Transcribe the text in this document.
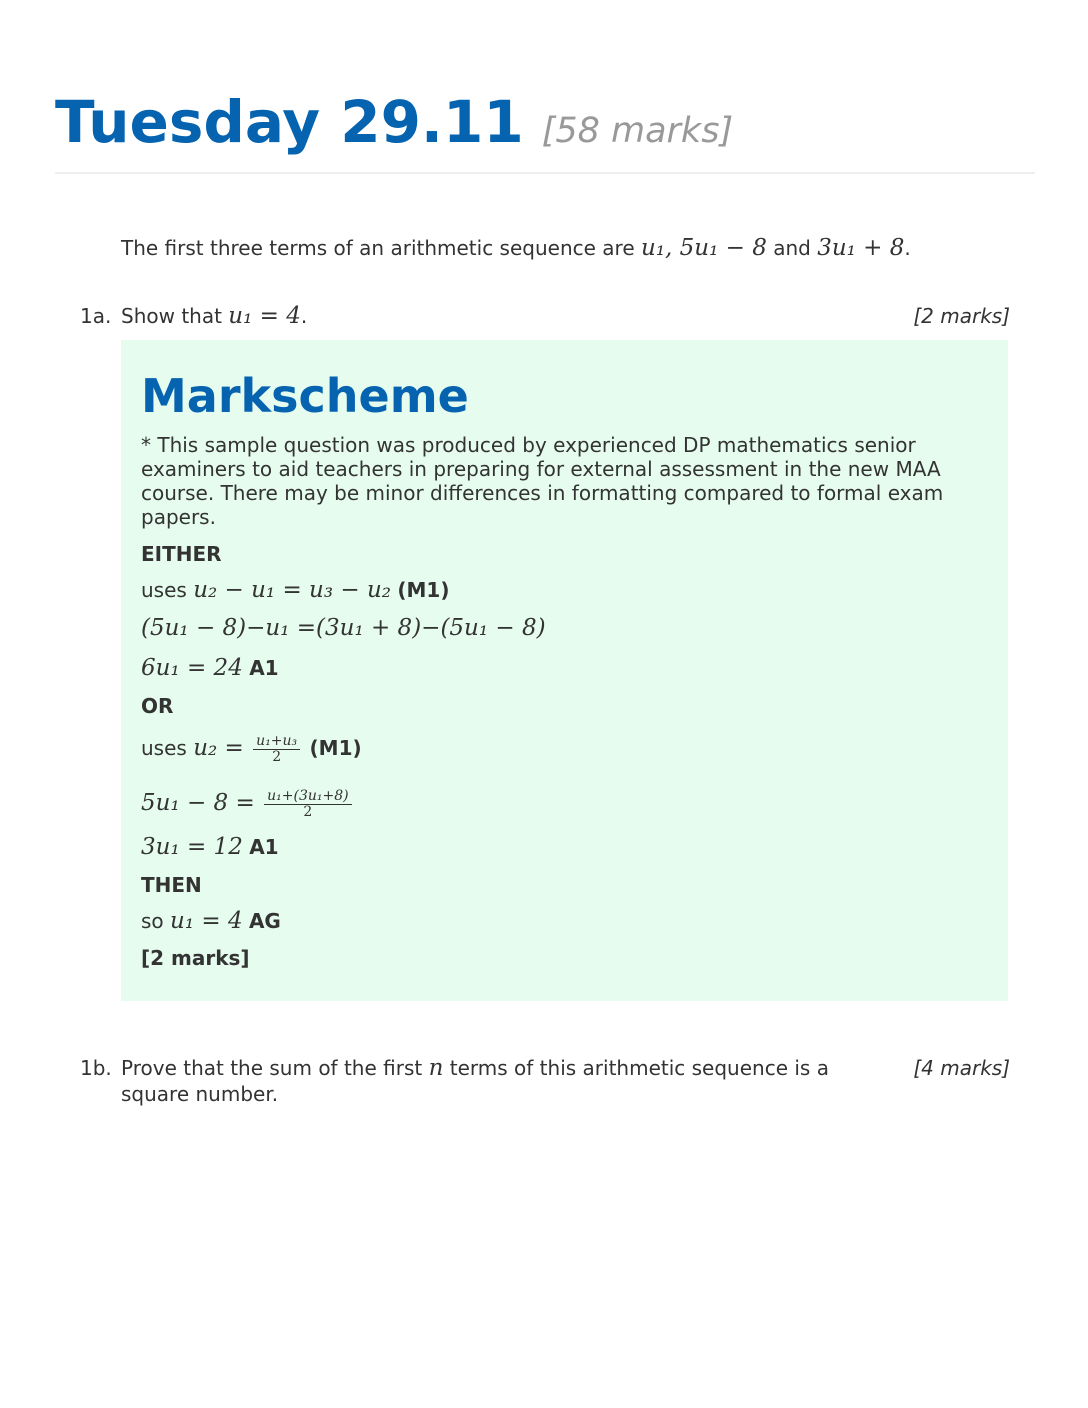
Tuesday 29.11 [58 marks]
The first three terms of an arithmetic sequence are u₁, 5u₁ − 8 and 3u₁ + 8.
1a. Show that u₁ = 4.	[2 marks]
Markscheme
* This sample question was produced by experienced DP mathematics senior examiners to aid teachers in preparing for external assessment in the new MAA course. There may be minor differences in formatting compared to formal exam papers.
EITHER
uses u₂ − u₁ = u₃ − u₂ (M1)
(5u₁ − 8)−u₁ =(3u₁ + 8)−(5u₁ − 8)
6u₁ = 24 A1
OR
uses $u_2 = \frac{\text{u₁+u₃}}{2} (M1)$
$5u_1 - 8 = \frac{\text{u₁+(3u₁+8)}}{2}$
3u₁ = 12 A1
THEN
so u₁ = 4 AG
[2 marks]
1b. Prove that the sum of the first n terms of this arithmetic sequence is a
square number.
[4 marks]
